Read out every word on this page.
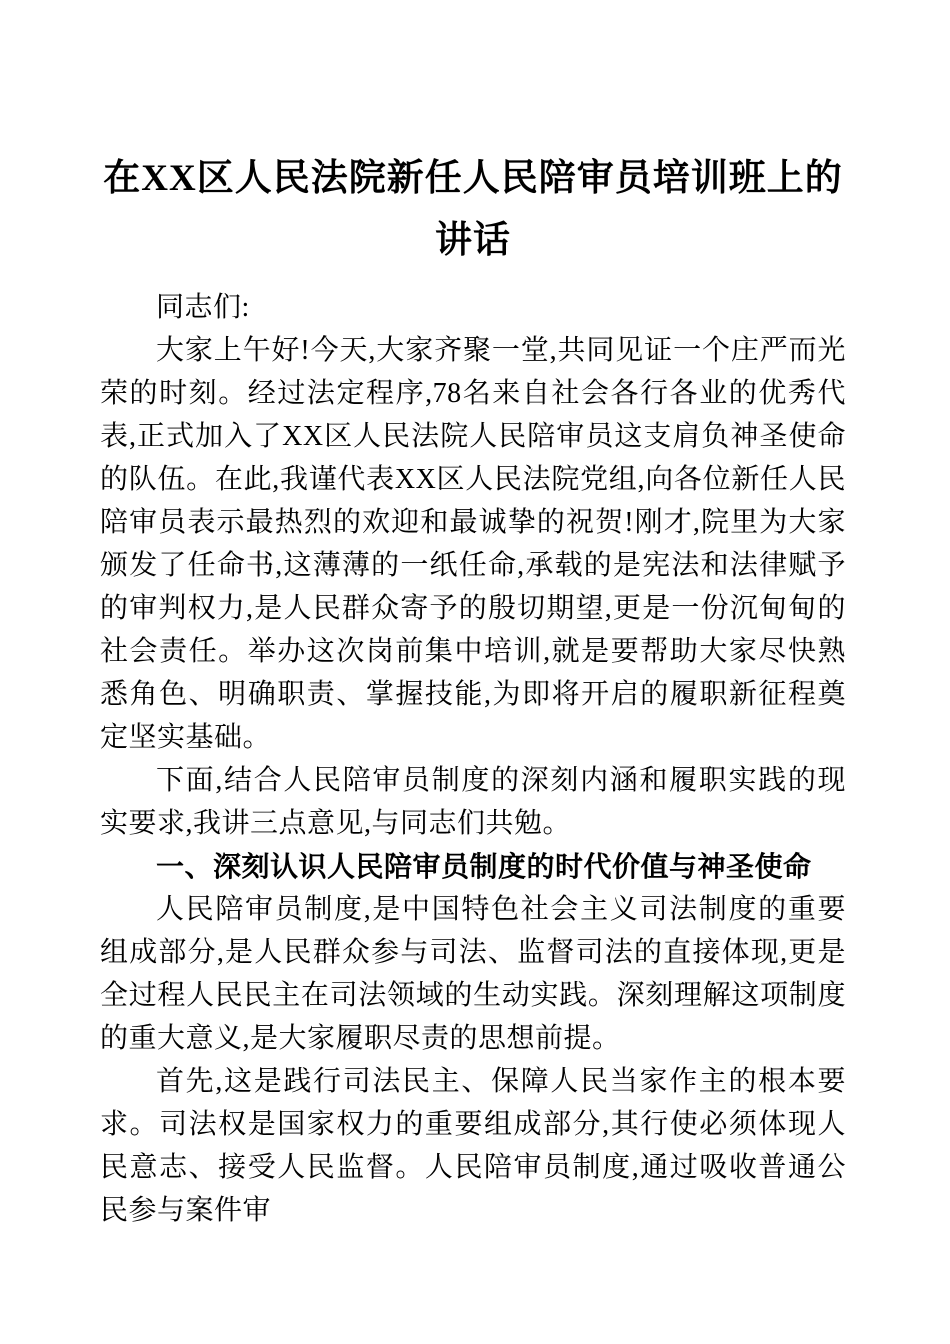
在XX区人民法院新任人民陪审员培训班上的讲话

同志们:

大家上午好!今天,大家齐聚一堂,共同见证一个庄严而光荣的时刻。经过法定程序,78名来自社会各行各业的优秀代表,正式加入了XX区人民法院人民陪审员这支肩负神圣使命的队伍。在此,我谨代表XX区人民法院党组,向各位新任人民陪审员表示最热烈的欢迎和最诚挚的祝贺!刚才,院里为大家颁发了任命书,这薄薄的一纸任命,承载的是宪法和法律赋予的审判权力,是人民群众寄予的殷切期望,更是一份沉甸甸的社会责任。举办这次岗前集中培训,就是要帮助大家尽快熟悉角色、明确职责、掌握技能,为即将开启的履职新征程奠定坚实基础。

下面,结合人民陪审员制度的深刻内涵和履职实践的现实要求,我讲三点意见,与同志们共勉。

一、深刻认识人民陪审员制度的时代价值与神圣使命

人民陪审员制度,是中国特色社会主义司法制度的重要组成部分,是人民群众参与司法、监督司法的直接体现,更是全过程人民民主在司法领域的生动实践。深刻理解这项制度的重大意义,是大家履职尽责的思想前提。

首先,这是践行司法民主、保障人民当家作主的根本要求。司法权是国家权力的重要组成部分,其行使必须体现人民意志、接受人民监督。人民陪审员制度,通过吸收普通公民参与案件审
